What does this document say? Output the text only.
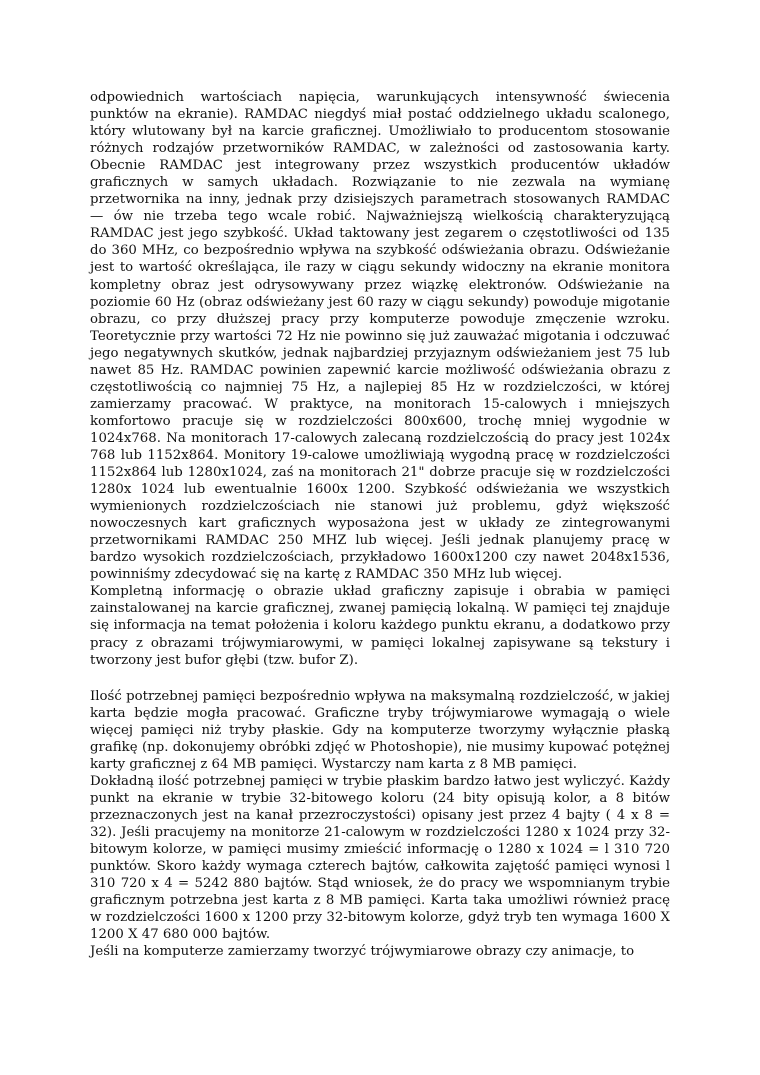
odpowiednich wartościach napięcia, warunkujących intensywność świecenia punktów na ekranie). RAMDAC niegdyś miał postać oddzielnego układu scalonego, który wlutowany był na karcie graficznej. Umożliwiało to producentom stosowanie różnych rodzajów przetworników RAMDAC, w zależności od zastosowania karty. Obecnie RAMDAC jest integrowany przez wszystkich producentów układów graficznych w samych układach. Rozwiązanie to nie zezwala na wymianę przetwornika na inny, jednak przy dzisiejszych parametrach stosowanych RAMDAC — ów nie trzeba tego wcale robić. Najważniejszą wielkością charakteryzującą RAMDAC jest jego szybkość. Układ taktowany jest zegarem o częstotliwości od 135 do 360 MHz, co bezpośrednio wpływa na szybkość odświeżania obrazu. Odświeżanie jest to wartość określająca, ile razy w ciągu sekundy widoczny na ekranie monitora kompletny obraz jest odrysowywany przez wiązkę elektronów. Odświeżanie na poziomie 60 Hz (obraz odświeżany jest 60 razy w ciągu sekundy) powoduje migotanie obrazu, co przy dłuższej pracy przy komputerze powoduje zmęczenie wzroku. Teoretycznie przy wartości 72 Hz nie powinno się już zauważać migotania i odczuwać jego negatywnych skutków, jednak najbardziej przyjaznym odświeżaniem jest 75 lub nawet 85 Hz. RAMDAC powinien zapewnić karcie możliwość odświeżania obrazu z częstotliwością co najmniej 75 Hz, a najlepiej 85 Hz w rozdzielczości, w której zamierzamy pracować. W praktyce, na monitorach 15-calowych i mniejszych komfortowo pracuje się w rozdzielczości 800x600, trochę mniej wygodnie w 1024x768. Na monitorach 17-calowych zalecaną rozdzielczością do pracy jest 1024x 768 lub 1152x864. Monitory 19-calowe umożliwiają wygodną pracę w rozdzielczości 1152x864 lub 1280x1024, zaś na monitorach 21" dobrze pracuje się w rozdzielczości 1280x 1024 lub ewentualnie 1600x 1200. Szybkość odświeżania we wszystkich wymienionych rozdzielczościach nie stanowi już problemu, gdyż większość nowoczesnych kart graficznych wyposażona jest w układy ze zintegrowanymi przetwornikami RAMDAC 250 MHZ lub więcej. Jeśli jednak planujemy pracę w bardzo wysokich rozdzielczościach, przykładowo 1600x1200 czy nawet 2048x1536, powinniśmy zdecydować się na kartę z RAMDAC 350 MHz lub więcej.

Kompletną informację o obrazie układ graficzny zapisuje i obrabia w pamięci zainstalowanej na karcie graficznej, zwanej pamięcią lokalną. W pamięci tej znajduje się informacja na temat położenia i koloru każdego punktu ekranu, a dodatkowo przy pracy z obrazami trójwymiarowymi, w pamięci lokalnej zapisywane są tekstury i tworzony jest bufor głębi (tzw. bufor Z).

Ilość potrzebnej pamięci bezpośrednio wpływa na maksymalną rozdzielczość, w jakiej karta będzie mogła pracować. Graficzne tryby trójwymiarowe wymagają o wiele więcej pamięci niż tryby płaskie. Gdy na komputerze tworzymy wyłącznie płaską grafikę (np. dokonujemy obróbki zdjęć w Photoshopie), nie musimy kupować potężnej karty graficznej z 64 MB pamięci. Wystarczy nam karta z 8 MB pamięci.

Dokładną ilość potrzebnej pamięci w trybie płaskim bardzo łatwo jest wyliczyć. Każdy punkt na ekranie w trybie 32-bitowego koloru (24 bity opisują kolor, a 8 bitów przeznaczonych jest na kanał przezroczystości) opisany jest przez 4 bajty ( 4 x 8 = 32). Jeśli pracujemy na monitorze 21-calowym w rozdzielczości 1280 x 1024 przy 32-bitowym kolorze, w pamięci musimy zmieścić informację o 1280 x 1024 = l 310 720 punktów. Skoro każdy wymaga czterech bajtów, całkowita zajętość pamięci wynosi l 310 720 x 4 = 5242 880 bajtów. Stąd wniosek, że do pracy we wspomnianym trybie graficznym potrzebna jest karta z 8 MB pamięci. Karta taka umożliwi również pracę w rozdzielczości 1600 x 1200 przy 32-bitowym kolorze, gdyż tryb ten wymaga 1600 X 1200 X 47 680 000 bajtów.

Jeśli na komputerze zamierzamy tworzyć trójwymiarowe obrazy czy animacje, to
